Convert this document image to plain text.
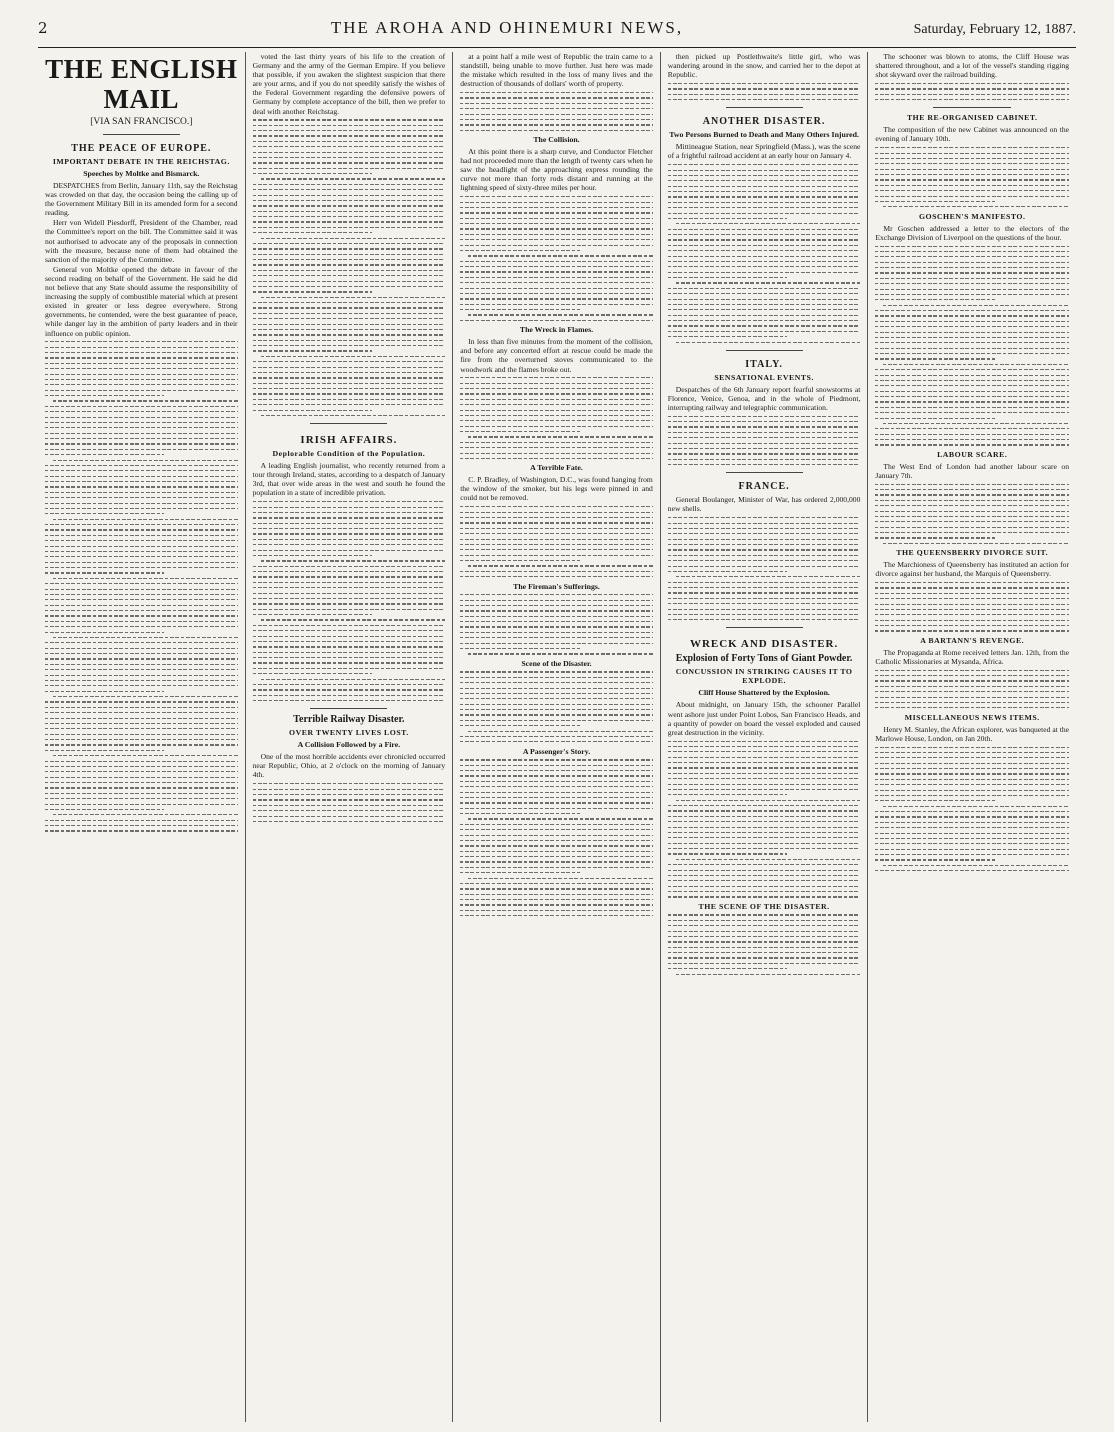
2	THE AROHA AND OHINEMURI NEWS,	Saturday, February 12, 1887.
THE ENGLISH MAIL
[VIA SAN FRANCISCO.]
THE PEACE OF EUROPE.
IMPORTANT DEBATE IN THE REICHSTAG.
Speeches by Moltke and Bismarck.

DESPATCHES from Berlin, January 11th, say the Reichstag was crowded on that day, the occasion being the calling up of the Government Military Bill in its amended form for a second reading.

Herr von Widell Piesdorff, President of the Chamber, read the Committee's report on the bill. The Committee said it was not authorised to advocate any of the proposals in connection with the measure, because none of them had obtained the sanction of the majority of the Committee.

General von Moltke opened the debate in favour of the second reading on behalf of the Government. He said he did not believe that any State should assume the responsibility of increasing the supply of combustible material which at present existed in greater or less degree everywhere. Strong governments, he contended, were the best guarantee of peace, while danger lay in the ambition of party leaders and in their influence on public opinion.

voted the last thirty years of his life to the creation of Germany and the army of the German Empire. If you believe that possible, if you awaken the slightest suspicion that there are your arms, and if you do not speedily satisfy the wishes of the Federal Government regarding the defensive powers of Germany by complete acceptance of the bill, then we prefer to deal with another Reichstag.

IRISH AFFAIRS.
Deplorable Condition of the Population.

A leading English journalist, who recently returned from a tour through Ireland, states, according to a despatch of January 3rd, that over wide areas in the west and south he found the population in a state of incredible privation.

Terrible Railway Disaster.
OVER TWENTY LIVES LOST.
A Collision Followed by a Fire.

One of the most horrible accidents ever chronicled occurred near Republic, Ohio, at 2 o'clock on the morning of January 4th.

at a point half a mile west of Republic the train came to a standstill, being unable to move further. Just here was made the mistake which resulted in the loss of many lives and the destruction of thousands of dollars' worth of property.

The Collision.

At this point there is a sharp curve, and Conductor Fletcher had not proceeded more than the length of twenty cars when he saw the headlight of the approaching express rounding the curve not more than forty rods distant and running at the lightning speed of sixty-three miles per hour.

The Wreck in Flames.

In less than five minutes from the moment of the collision, and before any concerted effort at rescue could be made the fire from the overturned stoves communicated to the woodwork and the flames broke out.

A Terrible Fate.

C. P. Bradley, of Washington, D.C., was found hanging from the window of the smoker, but his legs were pinned in and could not be removed.

The Fireman's Sufferings.
Scene of the Disaster.
A Passenger's Story.

then picked up Postlethwaite's little girl, who was wandering around in the snow, and carried her to the depot at Republic.

ANOTHER DISASTER.
Two Persons Burned to Death and Many Others Injured.

Mittineague Station, near Springfield (Mass.), was the scene of a frightful railroad accident at an early hour on January 4.

ITALY.
SENSATIONAL EVENTS.

Despatches of the 6th January report fearful snowstorms at Florence, Venice, Genoa, and in the whole of Piedmont, interrupting railway and telegraphic communication.

FRANCE.

General Boulanger, Minister of War, has ordered 2,000,000 new shells.

WRECK AND DISASTER.
Explosion of Forty Tons of Giant Powder.
CONCUSSION IN STRIKING CAUSES IT TO EXPLODE.
Cliff House Shattered by the Explosion.

About midnight, on January 15th, the schooner Parallel went ashore just under Point Lobos, San Francisco Heads, and a quantity of powder on board the vessel exploded and caused great destruction in the vicinity.

THE SCENE OF THE DISASTER.

The schooner was blown to atoms, the Cliff House was shattered throughout, and a lot of the vessel's standing rigging shot skyward over the railroad building.

THE RE-ORGANISED CABINET.

The composition of the new Cabinet was announced on the evening of January 10th.

GOSCHEN'S MANIFESTO.

Mr Goschen addressed a letter to the electors of the Exchange Division of Liverpool on the questions of the hour.

LABOUR SCARE.

The West End of London had another labour scare on January 7th.

THE QUEENSBERRY DIVORCE SUIT.

The Marchioness of Queensberry has instituted an action for divorce against her husband, the Marquis of Queensberry.

A BARTANN'S REVENGE.

The Propaganda at Rome received letters Jan. 12th, from the Catholic Missionaries at Mysanda, Africa.

MISCELLANEOUS NEWS ITEMS.

Henry M. Stanley, the African explorer, was banqueted at the Marlowe House, London, on Jan 20th.
